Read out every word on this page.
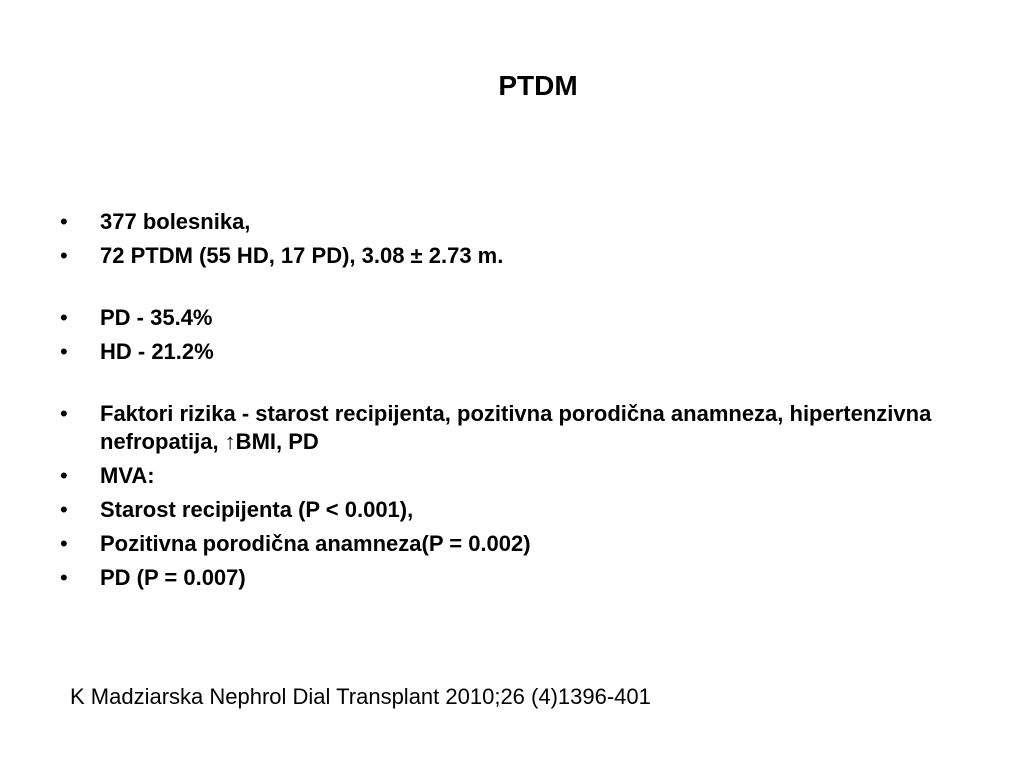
PTDM
• 377 bolesnika,
• 72 PTDM (55 HD, 17 PD), 3.08 ± 2.73 m.
• PD - 35.4%
• HD - 21.2%
• Faktori rizika - starost recipijenta, pozitivna porodična anamneza, hipertenzivna nefropatija, ↑BMI, PD
• MVA:
• Starost recipijenta (P < 0.001),
• Pozitivna porodična anamneza(P = 0.002)
• PD (P = 0.007)

K Madziarska Nephrol Dial Transplant 2010;26 (4)1396-401
